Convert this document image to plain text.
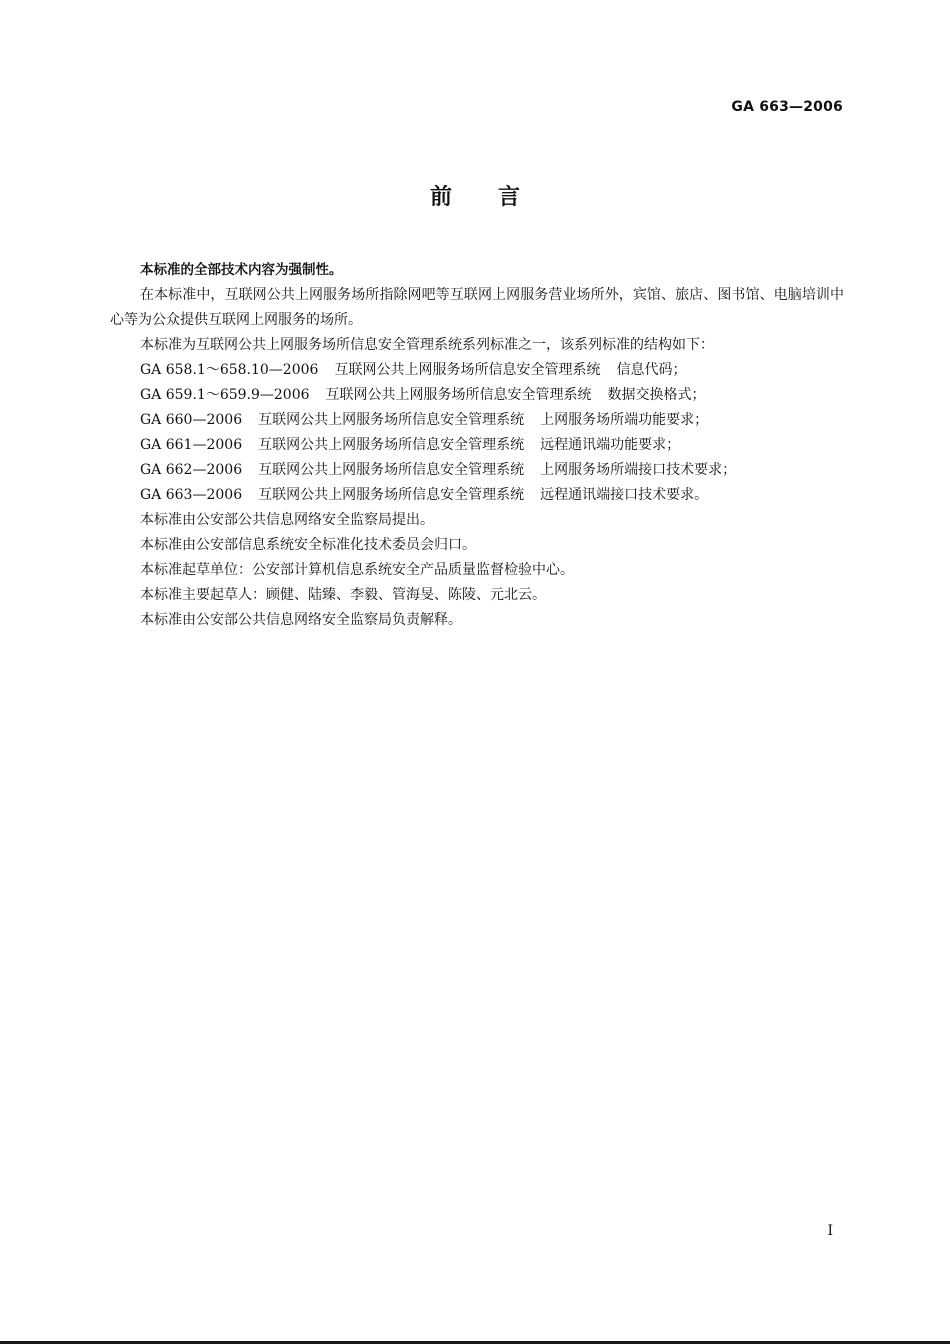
GA 663—2006
前言

本标准的全部技术内容为强制性。

在本标准中，互联网公共上网服务场所指除网吧等互联网上网服务营业场所外，宾馆、旅店、图书馆、电脑培训中心等为公众提供互联网上网服务的场所。

本标准为互联网公共上网服务场所信息安全管理系统系列标准之一，该系列标准的结构如下：

GA 658.1～658.10—2006 互联网公共上网服务场所信息安全管理系统 信息代码；

GA 659.1～659.9—2006 互联网公共上网服务场所信息安全管理系统 数据交换格式；

GA 660—2006 互联网公共上网服务场所信息安全管理系统 上网服务场所端功能要求；

GA 661—2006 互联网公共上网服务场所信息安全管理系统 远程通讯端功能要求；

GA 662—2006 互联网公共上网服务场所信息安全管理系统 上网服务场所端接口技术要求；

GA 663—2006 互联网公共上网服务场所信息安全管理系统 远程通讯端接口技术要求。

本标准由公安部公共信息网络安全监察局提出。

本标准由公安部信息系统安全标准化技术委员会归口。

本标准起草单位：公安部计算机信息系统安全产品质量监督检验中心。

本标准主要起草人：顾健、陆臻、李毅、管海旻、陈陵、元北云。

本标准由公安部公共信息网络安全监察局负责解释。

I
